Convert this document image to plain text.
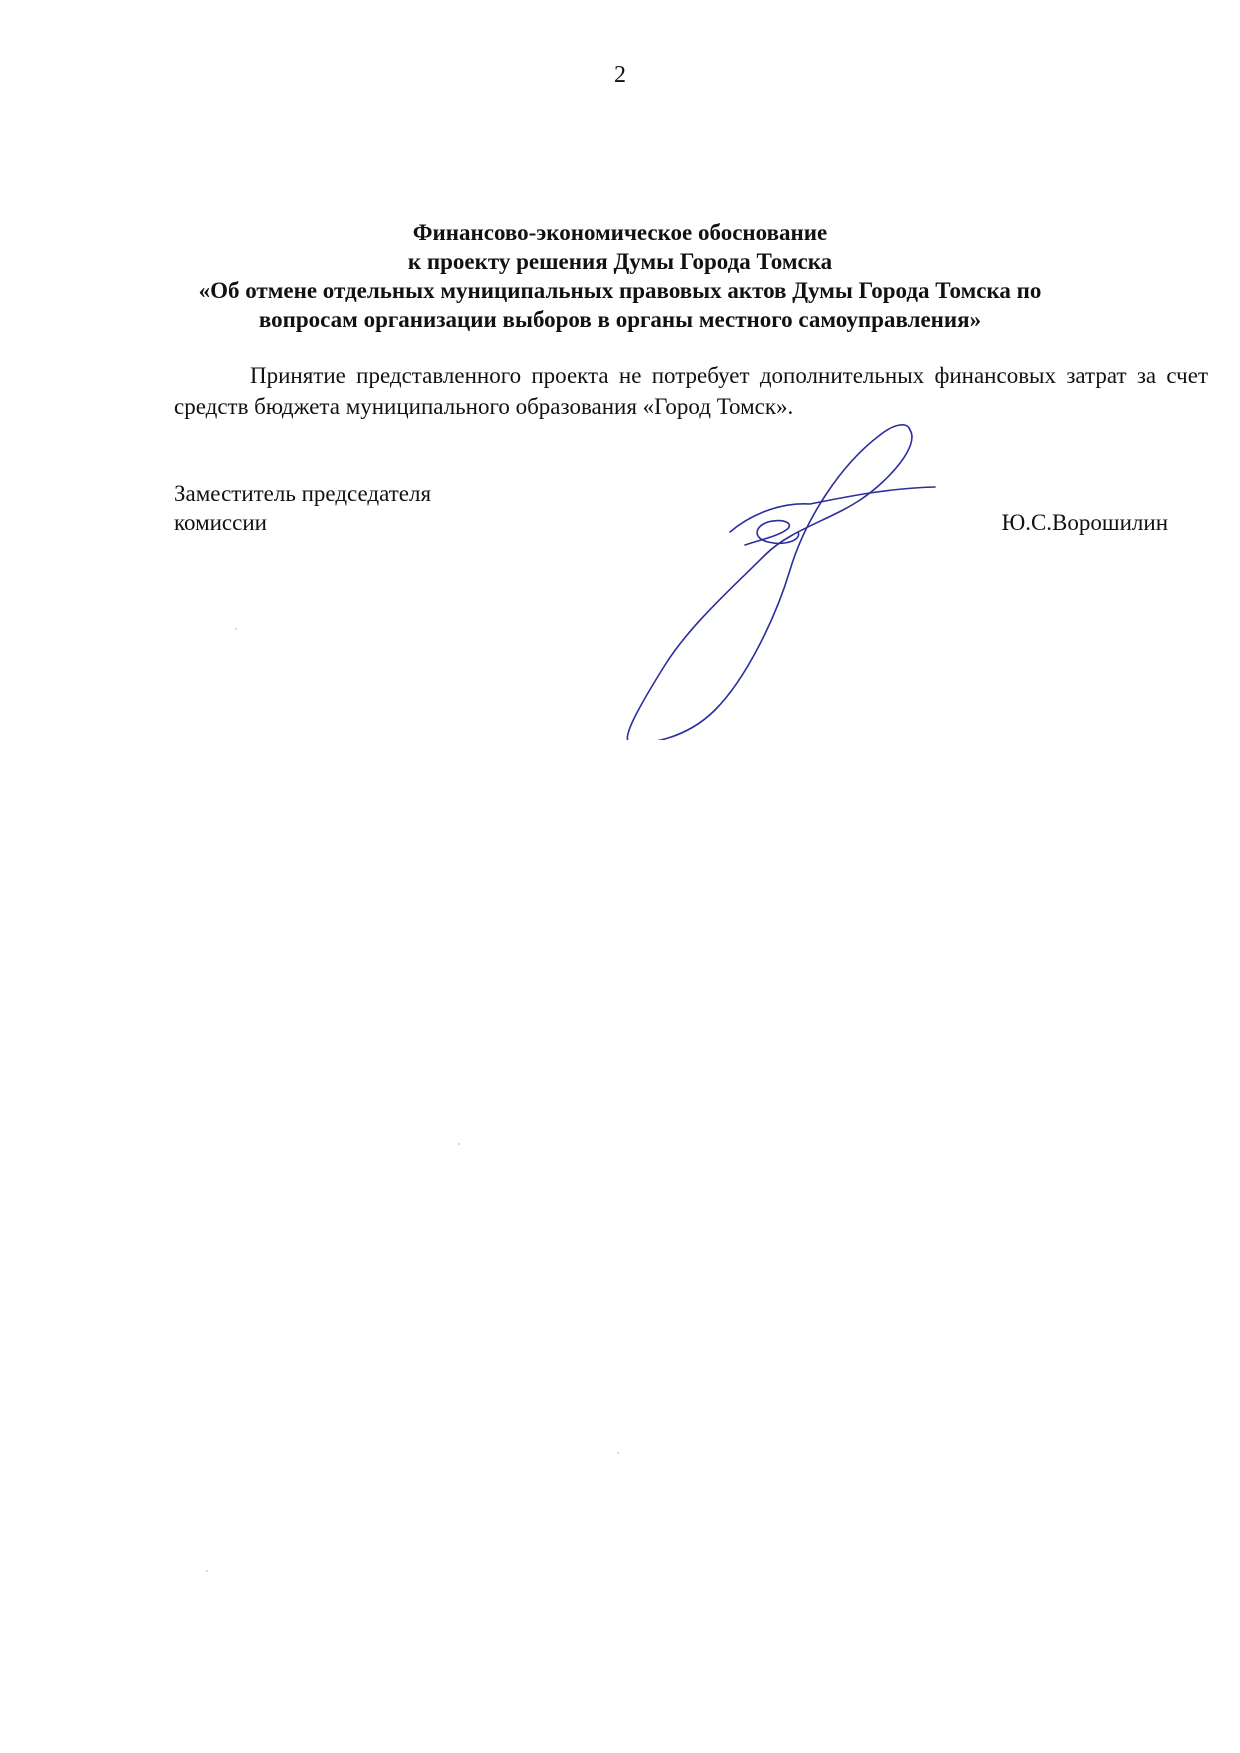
2
Финансово-экономическое обоснование
к проекту решения Думы Города Томска
«Об отмене отдельных муниципальных правовых актов Думы Города Томска по
вопросам организации выборов в органы местного самоуправления»
Принятие представленного проекта не потребует дополнительных финансовых затрат за счет средств бюджета муниципального образования «Город Томск».
Заместитель председателя
комиссии	Ю.С.Ворошилин
